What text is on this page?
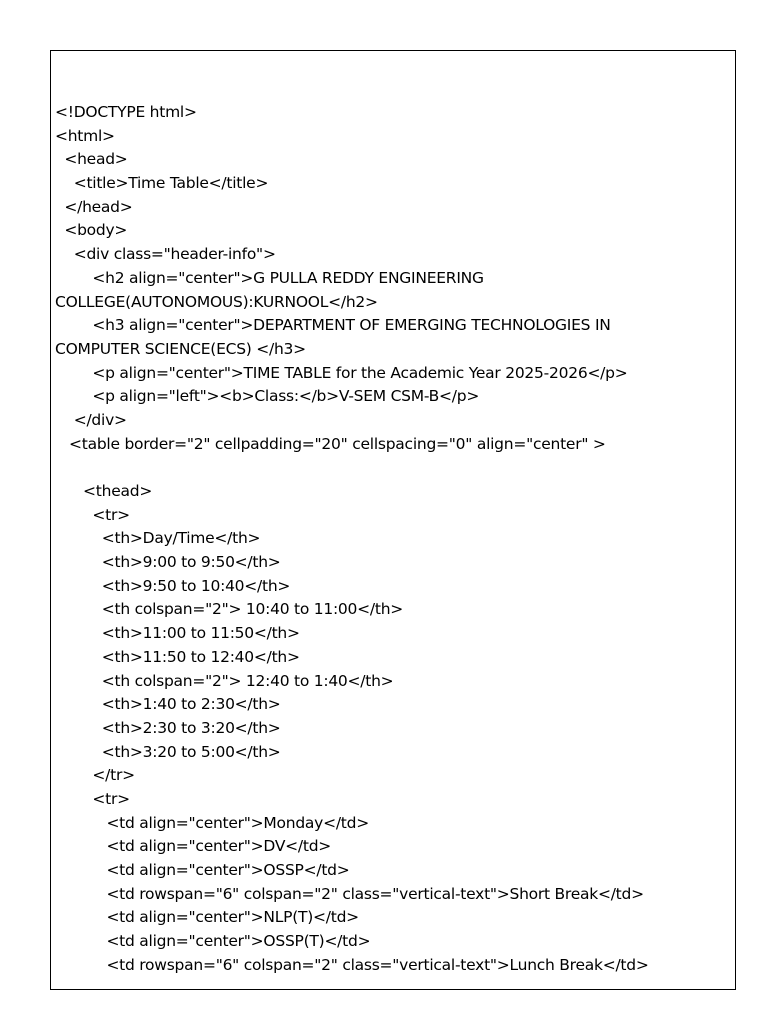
<!DOCTYPE html>
<html>
<head>
<title>Time Table</title>
</head>
<body>
<div class="header-info">
<h2 align="center">G PULLA REDDY ENGINEERING
COLLEGE(AUTONOMOUS):KURNOOL</h2>
<h3 align="center">DEPARTMENT OF EMERGING TECHNOLOGIES IN
COMPUTER SCIENCE(ECS) </h3>
<p align="center">TIME TABLE for the Academic Year 2025-2026</p>
<p align="left"><b>Class:</b>V-SEM CSM-B</p>
</div>
<table border="2" cellpadding="20" cellspacing="0" align="center" >
<thead>
<tr>
<th>Day/Time</th>
<th>9:00 to 9:50</th>
<th>9:50 to 10:40</th>
<th colspan="2"> 10:40 to 11:00</th>
<th>11:00 to 11:50</th>
<th>11:50 to 12:40</th>
<th colspan="2"> 12:40 to 1:40</th>
<th>1:40 to 2:30</th>
<th>2:30 to 3:20</th>
<th>3:20 to 5:00</th>
</tr>
<tr>
<td align="center">Monday</td>
<td align="center">DV</td>
<td align="center">OSSP</td>
<td rowspan="6" colspan="2" class="vertical-text">Short Break</td>
<td align="center">NLP(T)</td>
<td align="center">OSSP(T)</td>
<td rowspan="6" colspan="2" class="vertical-text">Lunch Break</td>
